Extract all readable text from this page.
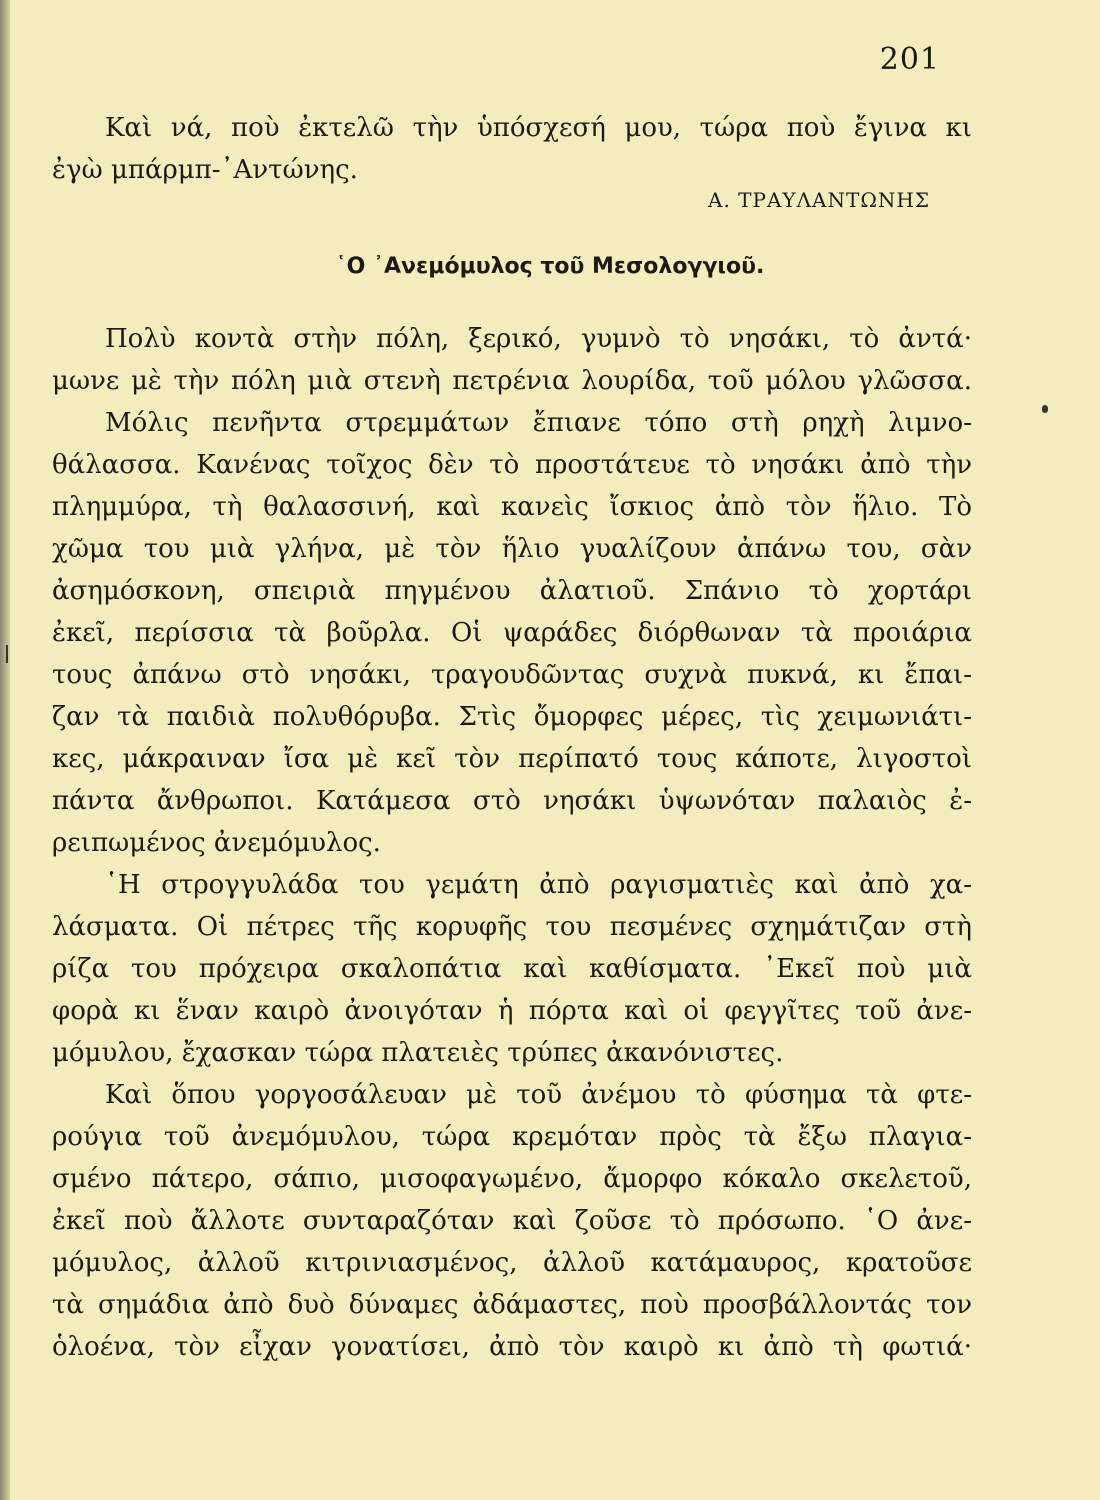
201
Καὶ νά, ποὺ ἐκτελῶ τὴν ὑπόσχεσή μου, τώρα ποὺ ἔγινα κι
ἐγὼ μπάρμπ-᾿Αντώνης.
Α. ΤΡΑΥΛΑΝΤΩΝΗΣ
῾Ο ᾿Ανεμόμυλος τοῦ Μεσολογγιοῦ.
Πολὺ κοντὰ στὴν πόλη, ξερικό, γυμνὸ τὸ νησάκι, τὸ ἀντά·
μωνε μὲ τὴν πόλη μιὰ στενὴ πετρένια λουρίδα, τοῦ μόλου γλῶσσα.
Μόλις πενῆντα στρεμμάτων ἔπιανε τόπο στὴ ρηχὴ λιμνο-
θάλασσα. Κανένας τοῖχος δὲν τὸ προστάτευε τὸ νησάκι ἀπὸ τὴν
πλημμύρα, τὴ θαλασσινή, καὶ κανεὶς ἴσκιος ἀπὸ τὸν ἥλιο. Τὸ
χῶμα του μιὰ γλήνα, μὲ τὸν ἥλιο γυαλίζουν ἀπάνω του, σὰν
ἀσημόσκονη, σπειριὰ πηγμένου ἀλατιοῦ. Σπάνιο τὸ χορτάρι
ἐκεῖ, περίσσια τὰ βοῦρλα. Οἱ ψαράδες διόρθωναν τὰ προιάρια
τους ἀπάνω στὸ νησάκι, τραγουδῶντας συχνὰ πυκνά, κι ἔπαι-
ζαν τὰ παιδιὰ πολυθόρυβα. Στὶς ὄμορφες μέρες, τὶς χειμωνιάτι-
κες, μάκραιναν ἴσα μὲ κεῖ τὸν περίπατό τους κάποτε, λιγοστοὶ
πάντα ἄνθρωποι. Κατάμεσα στὸ νησάκι ὑψωνόταν παλαιὸς ἐ-
ρειπωμένος ἀνεμόμυλος.
῾Η στρογγυλάδα του γεμάτη ἀπὸ ραγισματιὲς καὶ ἀπὸ χα-
λάσματα. Οἱ πέτρες τῆς κορυφῆς του πεσμένες σχημάτιζαν στὴ
ρίζα του πρόχειρα σκαλοπάτια καὶ καθίσματα. ᾿Εκεῖ ποὺ μιὰ
φορὰ κι ἕναν καιρὸ ἀνοιγόταν ἡ πόρτα καὶ οἱ φεγγῖτες τοῦ ἀνε-
μόμυλου, ἔχασκαν τώρα πλατειὲς τρύπες ἀκανόνιστες.
Καὶ ὅπου γοργοσάλευαν μὲ τοῦ ἀνέμου τὸ φύσημα τὰ φτε-
ρούγια τοῦ ἀνεμόμυλου, τώρα κρεμόταν πρὸς τὰ ἔξω πλαγια-
σμένο πάτερο, σάπιο, μισοφαγωμένο, ἄμορφο κόκαλο σκελετοῦ,
ἐκεῖ ποὺ ἄλλοτε συνταραζόταν καὶ ζοῦσε τὸ πρόσωπο. ῾Ο ἀνε-
μόμυλος, ἀλλοῦ κιτρινιασμένος, ἀλλοῦ κατάμαυρος, κρατοῦσε
τὰ σημάδια ἀπὸ δυὸ δύναμες ἀδάμαστες, ποὺ προσβάλλοντάς τον
ὁλοένα, τὸν εἶχαν γονατίσει, ἀπὸ τὸν καιρὸ κι ἀπὸ τὴ φωτιά·
